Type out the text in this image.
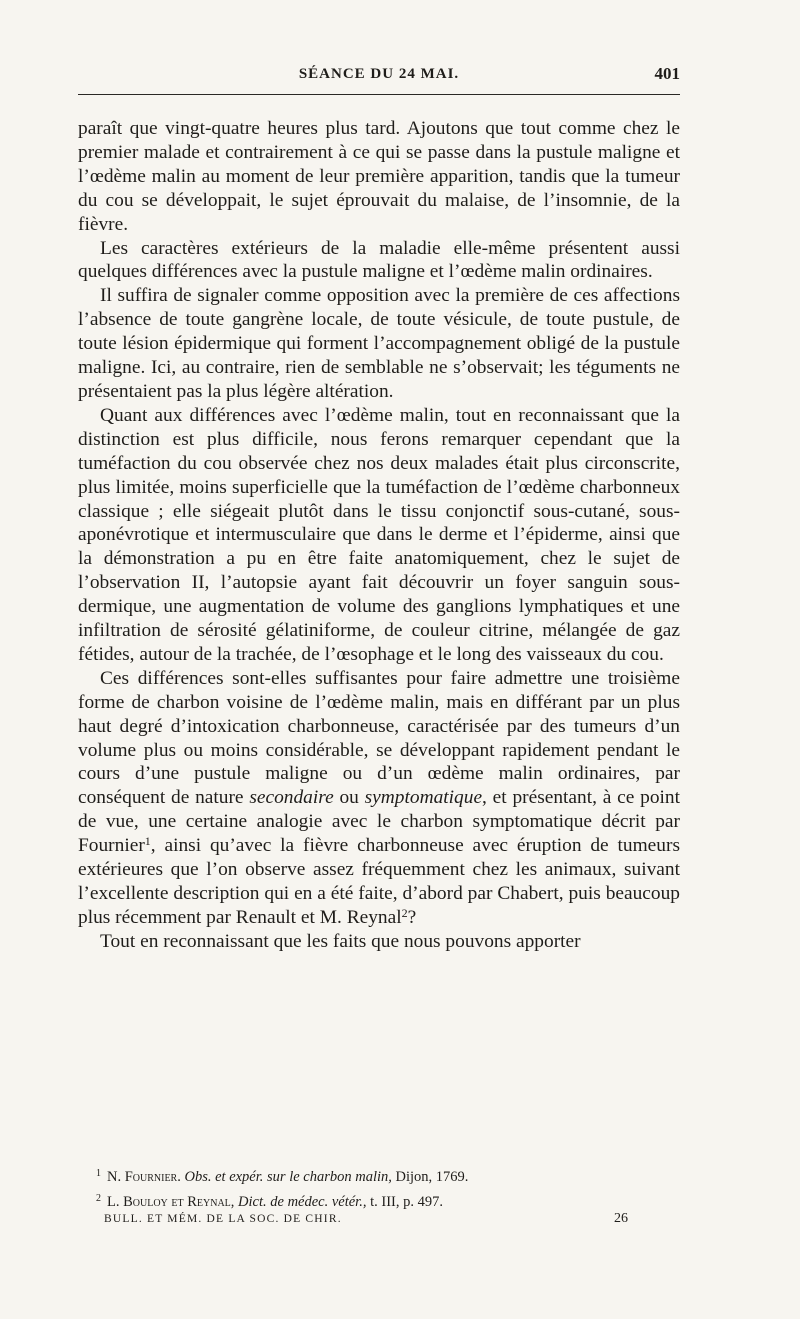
SÉANCE DU 24 MAI.	401

paraît que vingt-quatre heures plus tard. Ajoutons que tout comme chez le premier malade et contrairement à ce qui se passe dans la pustule maligne et l’œdème malin au moment de leur première apparition, tandis que la tumeur du cou se développait, le sujet éprouvait du malaise, de l’insomnie, de la fièvre.

Les caractères extérieurs de la maladie elle-même présentent aussi quelques différences avec la pustule maligne et l’œdème malin ordinaires.

Il suffira de signaler comme opposition avec la première de ces affections l’absence de toute gangrène locale, de toute vésicule, de toute pustule, de toute lésion épidermique qui forment l’accompagnement obligé de la pustule maligne. Ici, au contraire, rien de semblable ne s’observait; les téguments ne présentaient pas la plus légère altération.

Quant aux différences avec l’œdème malin, tout en reconnaissant que la distinction est plus difficile, nous ferons remarquer cependant que la tuméfaction du cou observée chez nos deux malades était plus circonscrite, plus limitée, moins superficielle que la tuméfaction de l’œdème charbonneux classique ; elle siégeait plutôt dans le tissu conjonctif sous-cutané, sous-aponévrotique et intermusculaire que dans le derme et l’épiderme, ainsi que la démonstration a pu en être faite anatomiquement, chez le sujet de l’observation II, l’autopsie ayant fait découvrir un foyer sanguin sous-dermique, une augmentation de volume des ganglions lymphatiques et une infiltration de sérosité gélatiniforme, de couleur citrine, mélangée de gaz fétides, autour de la trachée, de l’œsophage et le long des vaisseaux du cou.

Ces différences sont-elles suffisantes pour faire admettre une troisième forme de charbon voisine de l’œdème malin, mais en différant par un plus haut degré d’intoxication charbonneuse, caractérisée par des tumeurs d’un volume plus ou moins considérable, se développant rapidement pendant le cours d’une pustule maligne ou d’un œdème malin ordinaires, par conséquent de nature secondaire ou symptomatique, et présentant, à ce point de vue, une certaine analogie avec le charbon symptomatique décrit par Fournier$^1$, ainsi qu’avec la fièvre charbonneuse avec éruption de tumeurs extérieures que l’on observe assez fréquemment chez les animaux, suivant l’excellente description qui en a été faite, d’abord par Chabert, puis beaucoup plus récemment par Renault et M. Reynal$^2$?

Tout en reconnaissant que les faits que nous pouvons apporter

$^1$ N. Fournier. Obs. et expér. sur le charbon malin, Dijon, 1769.
$^2$ L. Bouloy et Reynal, Dict. de médec. vétér., t. III, p. 497.
BULL. ET MÉM. DE LA SOC. DE CHIR.	26
